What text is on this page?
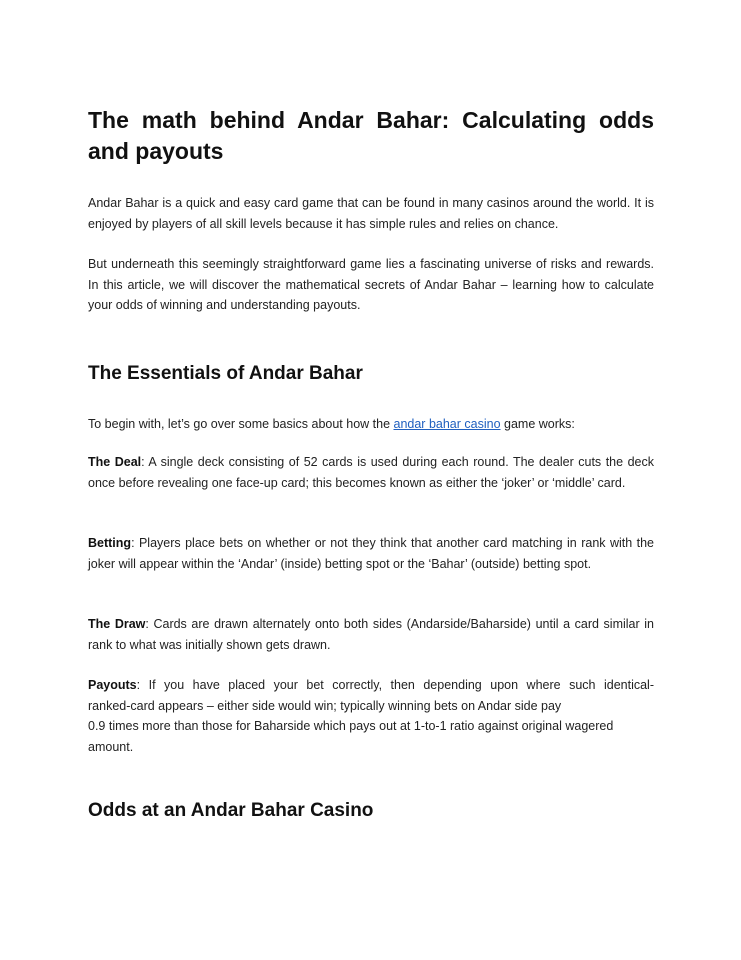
The math behind Andar Bahar: Calculating odds and payouts

Andar Bahar is a quick and easy card game that can be found in many casinos around the world. It is enjoyed by players of all skill levels because it has simple rules and relies on chance.

But underneath this seemingly straightforward game lies a fascinating universe of risks and rewards. In this article, we will discover the mathematical secrets of Andar Bahar – learning how to calculate your odds of winning and understanding payouts.

The Essentials of Andar Bahar

To begin with, let’s go over some basics about how the andar bahar casino game works:

The Deal: A single deck consisting of 52 cards is used during each round. The dealer cuts the deck once before revealing one face-up card; this becomes known as either the ‘joker’ or ‘middle’ card.

Betting: Players place bets on whether or not they think that another card matching in rank with the joker will appear within the ‘Andar’ (inside) betting spot or the ‘Bahar’ (outside) betting spot.

The Draw: Cards are drawn alternately onto both sides (Andarside/Baharside) until a card similar in rank to what was initially shown gets drawn.

Payouts: If you have placed your bet correctly, then depending upon where such identical-
ranked-card appears – either side would win; typically winning bets on Andar side pay
0.9 times more than those for Baharside which pays out at 1-to-1 ratio against original wagered
amount.
Odds at an Andar Bahar Casino
